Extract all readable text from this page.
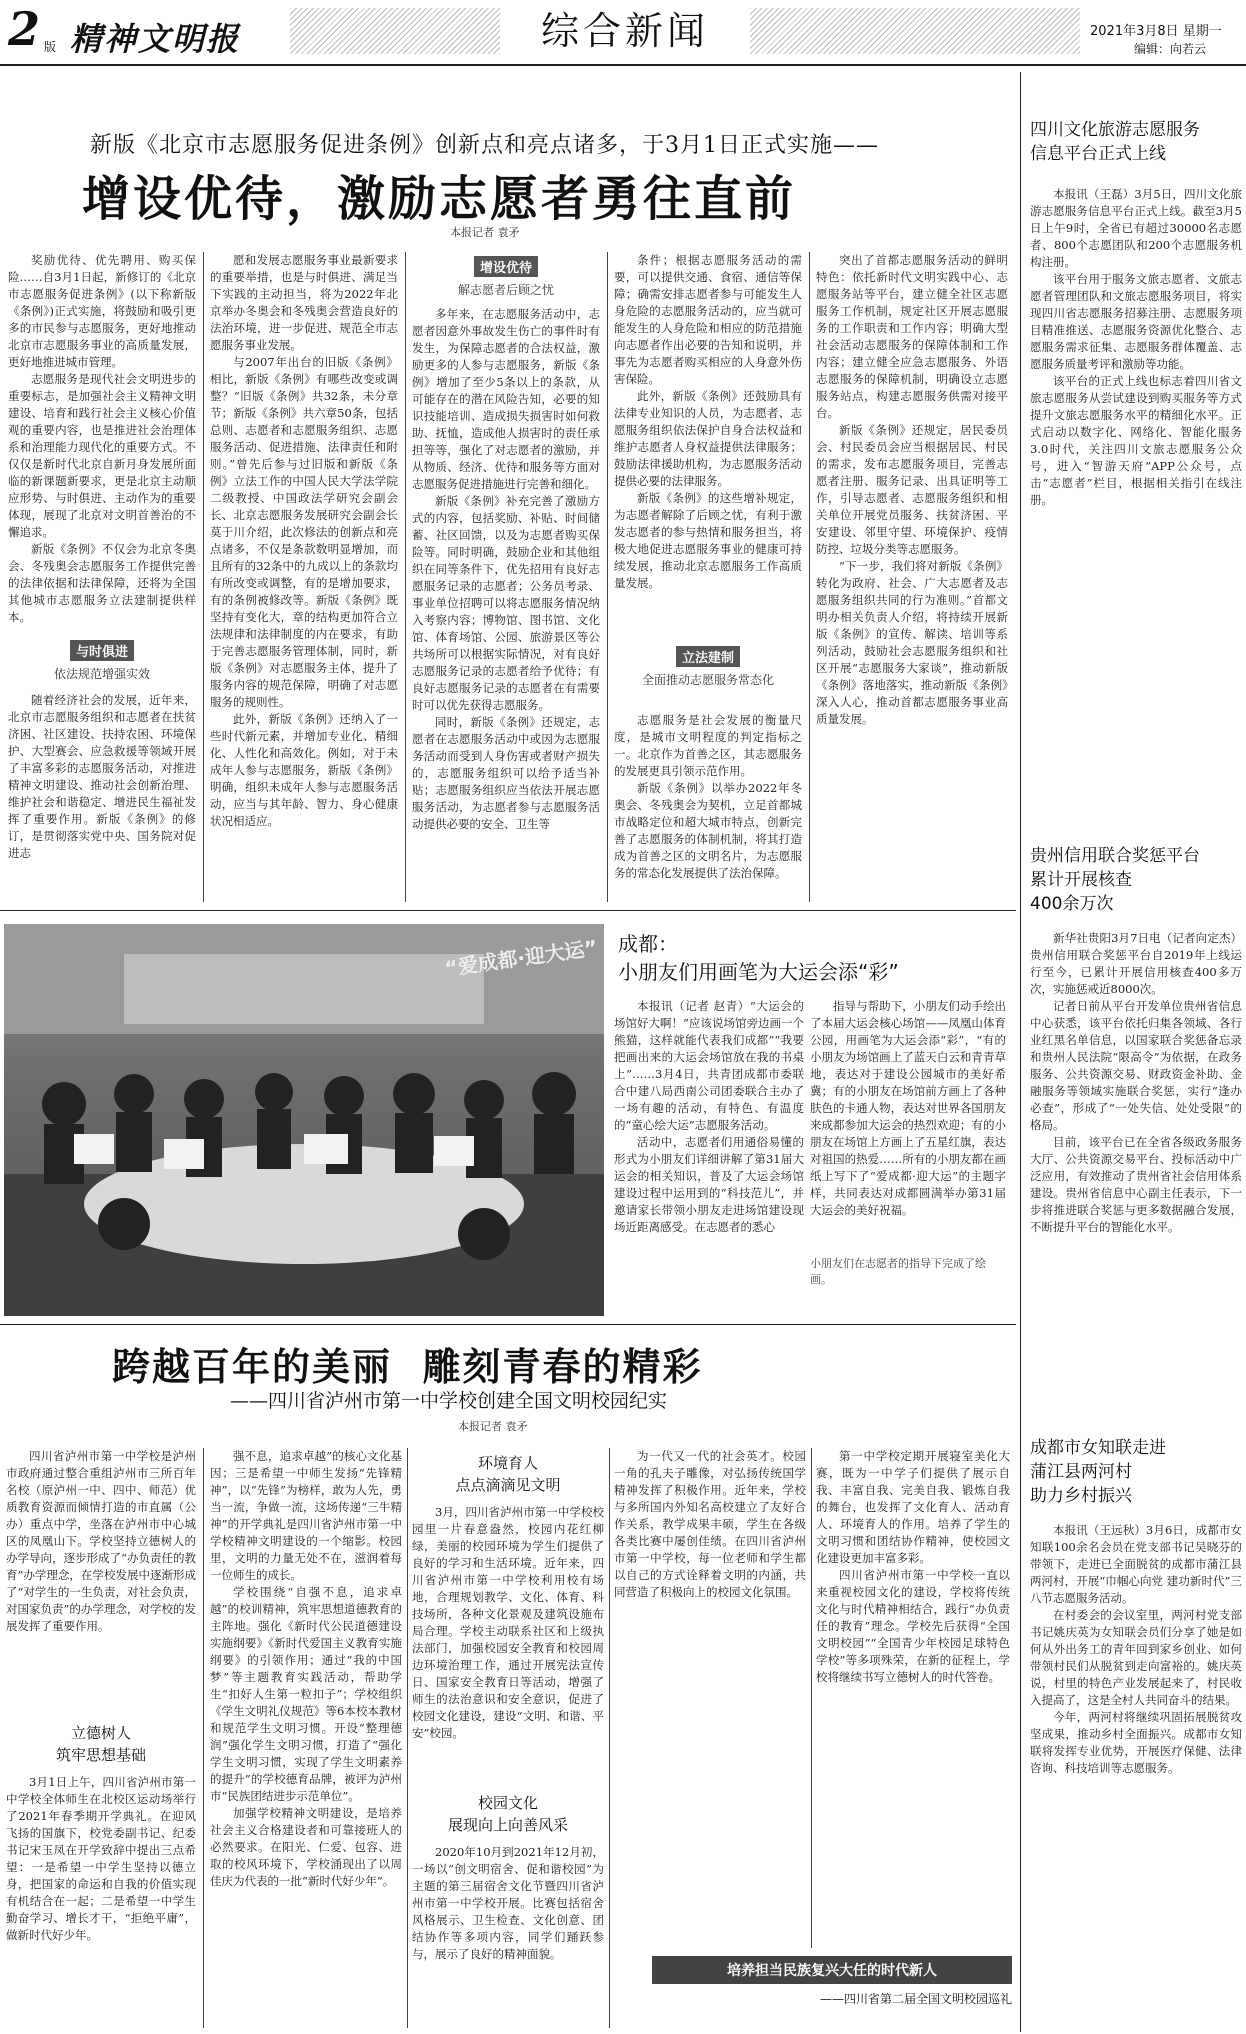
2 版 精神文明报	综合新闻	2021年3月8日 星期一
编辑：向若云
新版《北京市志愿服务促进条例》创新点和亮点诸多，于3月1日正式实施——
增设优待，激励志愿者勇往直前
本报记者 袁矛

奖励优待、优先聘用、购买保险……自3月1日起，新修订的《北京市志愿服务促进条例》(以下称新版《条例》)正式实施，将鼓励和吸引更多的市民参与志愿服务，更好地推动北京市志愿服务事业的高质量发展，更好地推进城市管理。

志愿服务是现代社会文明进步的重要标志，是加强社会主义精神文明建设、培育和践行社会主义核心价值观的重要内容，也是推进社会治理体系和治理能力现代化的重要方式。不仅仅是新时代北京自新月身发展所面临的新课题新要求，更是北京主动顺应形势、与时俱进、主动作为的重要体现，展现了北京对文明首善治的不懈追求。

新版《条例》不仅会为北京冬奥会、冬残奥会志愿服务工作提供完善的法律依据和法律保障，还将为全国其他城市志愿服务立法建制提供样本。

与时俱进
依法规范增强实效

随着经济社会的发展，近年来，北京市志愿服务组织和志愿者在扶贫济困、社区建设、扶持农困、环境保护、大型赛会、应急救援等领域开展了丰富多彩的志愿服务活动，对推进精神文明建设、推动社会创新治理、维护社会和谐稳定、增进民生福祉发挥了重要作用。新版《条例》的修订，是贯彻落实党中央、国务院对促进志

愿和发展志愿服务事业最新要求的重要举措，也是与时俱进、满足当下实践的主动担当，将为2022年北京举办冬奥会和冬残奥会营造良好的法治环境，进一步促进、规范全市志愿服务事业发展。

与2007年出台的旧版《条例》相比，新版《条例》有哪些改变或调整？“旧版《条例》共32条，未分章节；新版《条例》共六章50条，包括总则、志愿者和志愿服务组织、志愿服务活动、促进措施、法律责任和附则。”曾先后参与过旧版和新版《条例》立法工作的中国人民大学法学院二级教授、中国政法学研究会副会长、北京志愿服务发展研究会副会长莫于川介绍，此次修法的创新点和亮点诸多，不仅是条款数明显增加，而且所有的32条中的九成以上的条款均有所改变或调整，有的是增加要求，有的条例被修改等。新版《条例》既坚持有变化大，章的结构更加符合立法规律和法律制度的内在要求，有助于完善志愿服务管理体制，同时，新版《条例》对志愿服务主体，提升了服务内容的规范保障，明确了对志愿服务的规则性。

此外，新版《条例》还纳入了一些时代新元素，并增加专业化、精细化、人性化和高效化。例如，对于未成年人参与志愿服务，新版《条例》明确，组织未成年人参与志愿服务活动，应当与其年龄、智力、身心健康状况相适应。

增设优待
解志愿者后顾之忧

多年来，在志愿服务活动中，志愿者因意外事故发生伤亡的事件时有发生，为保障志愿者的合法权益，激励更多的人参与志愿服务，新版《条例》增加了至少5条以上的条款，从可能存在的潜在风险告知，必要的知识技能培训、造成损失损害时如何救助、抚恤，造成他人损害时的责任承担等等，强化了对志愿者的激励，并从物质、经济、优待和服务等方面对志愿服务促进措施进行完善和细化。

新版《条例》补充完善了激励方式的内容，包括奖励、补贴、时间储蓄、社区回馈，以及为志愿者购买保险等。同时明确，鼓励企业和其他组织在同等条件下，优先招用有良好志愿服务记录的志愿者；公务员考录、事业单位招聘可以将志愿服务情况纳入考察内容；博物馆、图书馆、文化馆、体育场馆、公园、旅游景区等公共场所可以根据实际情况，对有良好志愿服务记录的志愿者给予优待；有良好志愿服务记录的志愿者在有需要时可以优先获得志愿服务。

同时，新版《条例》还规定，志愿者在志愿服务活动中或因为志愿服务活动而受到人身伤害或者财产损失的，志愿服务组织可以给予适当补贴；志愿服务组织应当依法开展志愿服务活动，为志愿者参与志愿服务活动提供必要的安全、卫生等

条件；根据志愿服务活动的需要，可以提供交通、食宿、通信等保障；确需安排志愿者参与可能发生人身危险的志愿服务活动的，应当就可能发生的人身危险和相应的防范措施向志愿者作出必要的告知和说明，并事先为志愿者购买相应的人身意外伤害保险。

此外，新版《条例》还鼓励具有法律专业知识的人员，为志愿者、志愿服务组织依法保护自身合法权益和维护志愿者人身权益提供法律服务；鼓励法律援助机构，为志愿服务活动提供必要的法律服务。

新版《条例》的这些增补规定，为志愿者解除了后顾之忧，有利于激发志愿者的参与热情和服务担当，将极大地促进志愿服务事业的健康可持续发展，推动北京志愿服务工作高质量发展。

立法建制
全面推动志愿服务常态化

志愿服务是社会发展的衡量尺度，是城市文明程度的判定指标之一。北京作为首善之区，其志愿服务的发展更具引领示范作用。

新版《条例》以举办2022年冬奥会、冬残奥会为契机，立足首都城市战略定位和超大城市特点，创新完善了志愿服务的体制机制，将其打造成为首善之区的文明名片，为志愿服务的常态化发展提供了法治保障。

突出了首都志愿服务活动的鲜明特色：依托新时代文明实践中心、志愿服务站等平台，建立健全社区志愿服务工作机制，规定社区开展志愿服务的工作职责和工作内容；明确大型社会活动志愿服务的保障体制和工作内容；建立健全应急志愿服务、外语志愿服务的保障机制，明确设立志愿服务站点，构建志愿服务供需对接平台。

新版《条例》还规定，居民委员会、村民委员会应当根据居民、村民的需求，发布志愿服务项目，完善志愿者注册、服务记录、出具证明等工作，引导志愿者、志愿服务组织和相关单位开展党员服务、扶贫济困、平安建设、邻里守望、环境保护、疫情防控、垃圾分类等志愿服务。

“下一步，我们将对新版《条例》转化为政府、社会、广大志愿者及志愿服务组织共同的行为准则。”首都文明办相关负责人介绍，将持续开展新版《条例》的宣传、解读、培训等系列活动，鼓励社会志愿服务组织和社区开展“志愿服务大家谈”，推动新版《条例》落地落实，推动新版《条例》深入人心，推动首都志愿服务事业高质量发展。

“爱成都·迎大运”
小朋友们在志愿者的指导下完成了绘画。
成都：
小朋友们用画笔为大运会添“彩”

本报讯（记者 赵青）“大运会的场馆好大啊！”应该说场馆旁边画一个熊猫，这样就能代表我们成都”“我要把画出来的大运会场馆放在我的书桌上”……3月4日，共青团成都市委联合中建八局西南公司团委联合主办了一场有趣的活动，有特色、有温度的“童心绘大运”志愿服务活动。

活动中，志愿者们用通俗易懂的形式为小朋友们详细讲解了第31届大运会的相关知识，普及了大运会场馆建设过程中运用到的“科技范儿”，并邀请家长带领小朋友走进场馆建设现场近距离感受。在志愿者的悉心

指导与帮助下，小朋友们动手绘出了本届大运会核心场馆——凤凰山体育公园，用画笔为大运会添“彩”，“有的小朋友为场馆画上了蓝天白云和青青草地，表达对于建设公园城市的美好希冀；有的小朋友在场馆前方画上了各种肤色的卡通人物，表达对世界各国朋友来成都参加大运会的热烈欢迎；有的小朋友在场馆上方画上了五星红旗，表达对祖国的热爱……所有的小朋友都在画纸上写下了“爱成都·迎大运”的主题字样，共同表达对成都圆满举办第31届大运会的美好祝福。

跨越百年的美丽  雕刻青春的精彩
——四川省泸州市第一中学校创建全国文明校园纪实
本报记者 袁矛

四川省泸州市第一中学校是泸州市政府通过整合重组泸州市三所百年名校（原泸州一中、四中、师范）优质教育资源而倾情打造的市直属（公办）重点中学，坐落在泸州市中心城区的凤凰山下。学校坚持立德树人的办学导向，逐步形成了“办负责任的教育”办学理念，在学校发展中逐渐形成了“对学生的一生负责，对社会负责，对国家负责”的办学理念，对学校的发展发挥了重要作用。

立德树人
筑牢思想基础

3月1日上午，四川省泸州市第一中学校全体师生在北校区运动场举行了2021年春季期开学典礼。在迎风飞扬的国旗下，校党委副书记、纪委书记宋玉凤在开学致辞中提出三点希望：一是希望一中学生坚持以德立身，把国家的命运和自我的价值实现有机结合在一起；二是希望一中学生勤奋学习、增长才干，“拒绝平庸”，做新时代好少年。

强不息，追求卓越”的核心文化基因；三是希望一中师生发扬“先锋精神”，以“先锋”为榜样，敢为人先，勇当一流，争做一流，这场传递“三牛精神”的开学典礼是四川省泸州市第一中学校精神文明建设的一个缩影。校园里，文明的力量无处不在，滋润着每一位师生的成长。

学校围绕“自强不息，追求卓越”的校训精神，筑牢思想道德教育的主阵地。强化《新时代公民道德建设实施纲要》《新时代爱国主义教育实施纲要》的引领作用；通过“我的中国梦”等主题教育实践活动，帮助学生“扣好人生第一粒扣子”；学校组织《学生文明礼仪规范》等6本校本教材和规范学生文明习惯。开设“整理德润”强化学生文明习惯，打造了“强化学生文明习惯，实现了学生文明素养的提升”的学校德育品牌，被评为泸州市“民族团结进步示范单位”。

加强学校精神文明建设，是培养社会主义合格建设者和可靠接班人的必然要求。在阳光、仁爱、包容、进取的校风环境下，学校涌现出了以周佳庆为代表的一批“新时代好少年”。

环境育人
点点滴滴见文明

3月，四川省泸州市第一中学校校园里一片春意盎然，校园内花红柳绿，美丽的校园环境为学生们提供了良好的学习和生活环境。近年来，四川省泸州市第一中学校利用校有场地，合理规划教学、文化、体育、科技场所，各种文化景观及建筑设施布局合理。学校主动联系社区和上级执法部门，加强校园安全教育和校园周边环境治理工作，通过开展宪法宣传日、国家安全教育日等活动，增强了师生的法治意识和安全意识，促进了校园文化建设，建设“文明、和谐、平安”校园。

校园文化
展现向上向善风采

2020年10月到2021年12月初，一场以“创文明宿舍、促和谐校园”为主题的第三届宿舍文化节暨四川省泸州市第一中学校开展。比赛包括宿舍风格展示、卫生检查、文化创意、团结协作等多项内容，同学们踊跃参与，展示了良好的精神面貌。

为一代又一代的社会英才。校园一角的孔夫子雕像，对弘扬传统国学精神发挥了积极作用。近年来，学校与多所国内外知名高校建立了友好合作关系，教学成果丰硕，学生在各级各类比赛中屡创佳绩。在四川省泸州市第一中学校，每一位老师和学生都以自己的方式诠释着文明的内涵，共同营造了积极向上的校园文化氛围。

第一中学校定期开展寝室美化大赛，既为一中学子们提供了展示自我、丰富自我、完美自我、锻炼自我的舞台，也发挥了文化育人、活动育人、环境育人的作用。培养了学生的文明习惯和团结协作精神，使校园文化建设更加丰富多彩。

四川省泸州市第一中学校一直以来重视校园文化的建设，学校将传统文化与时代精神相结合，践行“办负责任的教育”理念。学校先后获得“全国文明校园”“全国青少年校园足球特色学校”等多项殊荣，在新的征程上，学校将继续书写立德树人的时代答卷。

培养担当民族复兴大任的时代新人
——四川省第二届全国文明校园巡礼
四川文化旅游志愿服务
信息平台正式上线

本报讯（王磊）3月5日，四川文化旅游志愿服务信息平台正式上线。截至3月5日上午9时，全省已有超过30000名志愿者、800个志愿团队和200个志愿服务机构注册。

该平台用于服务文旅志愿者、文旅志愿者管理团队和文旅志愿服务项目，将实现四川省志愿服务招募注册、志愿服务项目精准推送、志愿服务资源优化整合、志愿服务需求征集、志愿服务群体覆盖、志愿服务质量考评和激励等功能。

该平台的正式上线也标志着四川省文旅志愿服务从尝试建设到购买服务等方式提升文旅志愿服务水平的精细化水平。正式启动以数字化、网络化、智能化服务3.0时代，关注四川文旅志愿服务公众号，进入“智游天府”APP公众号，点击“志愿者”栏目，根据相关指引在线注册。

贵州信用联合奖惩平台
累计开展核查
400余万次

新华社贵阳3月7日电（记者向定杰）贵州信用联合奖惩平台自2019年上线运行至今，已累计开展信用核查400多万次，实施惩戒近8000次。

记者日前从平台开发单位贵州省信息中心获悉，该平台依托归集各领域、各行业红黑名单信息，以国家联合奖惩备忘录和贵州人民法院“限高令”为依据，在政务服务、公共资源交易、财政资金补助、金融服务等领域实施联合奖惩，实行“逢办必查”，形成了“一处失信、处处受限”的格局。

目前，该平台已在全省各级政务服务大厅、公共资源交易平台、投标活动中广泛应用，有效推动了贵州省社会信用体系建设。贵州省信息中心副主任表示，下一步将推进联合奖惩与更多数据融合发展，不断提升平台的智能化水平。

成都市女知联走进
蒲江县两河村
助力乡村振兴

本报讯（王远秋）3月6日，成都市女知联100余名会员在党支部书记吴晓芬的带领下，走进已全面脱贫的成都市蒲江县两河村，开展“巾帼心向党 建功新时代”三八节志愿服务活动。

在村委会的会议室里，两河村党支部书记姚庆英为女知联会员们分享了她是如何从外出务工的青年回到家乡创业、如何带领村民们从脱贫到走向富裕的。姚庆英说，村里的特色产业发展起来了，村民收入提高了，这是全村人共同奋斗的结果。

今年，两河村将继续巩固拓展脱贫攻坚成果，推动乡村全面振兴。成都市女知联将发挥专业优势，开展医疗保健、法律咨询、科技培训等志愿服务。
